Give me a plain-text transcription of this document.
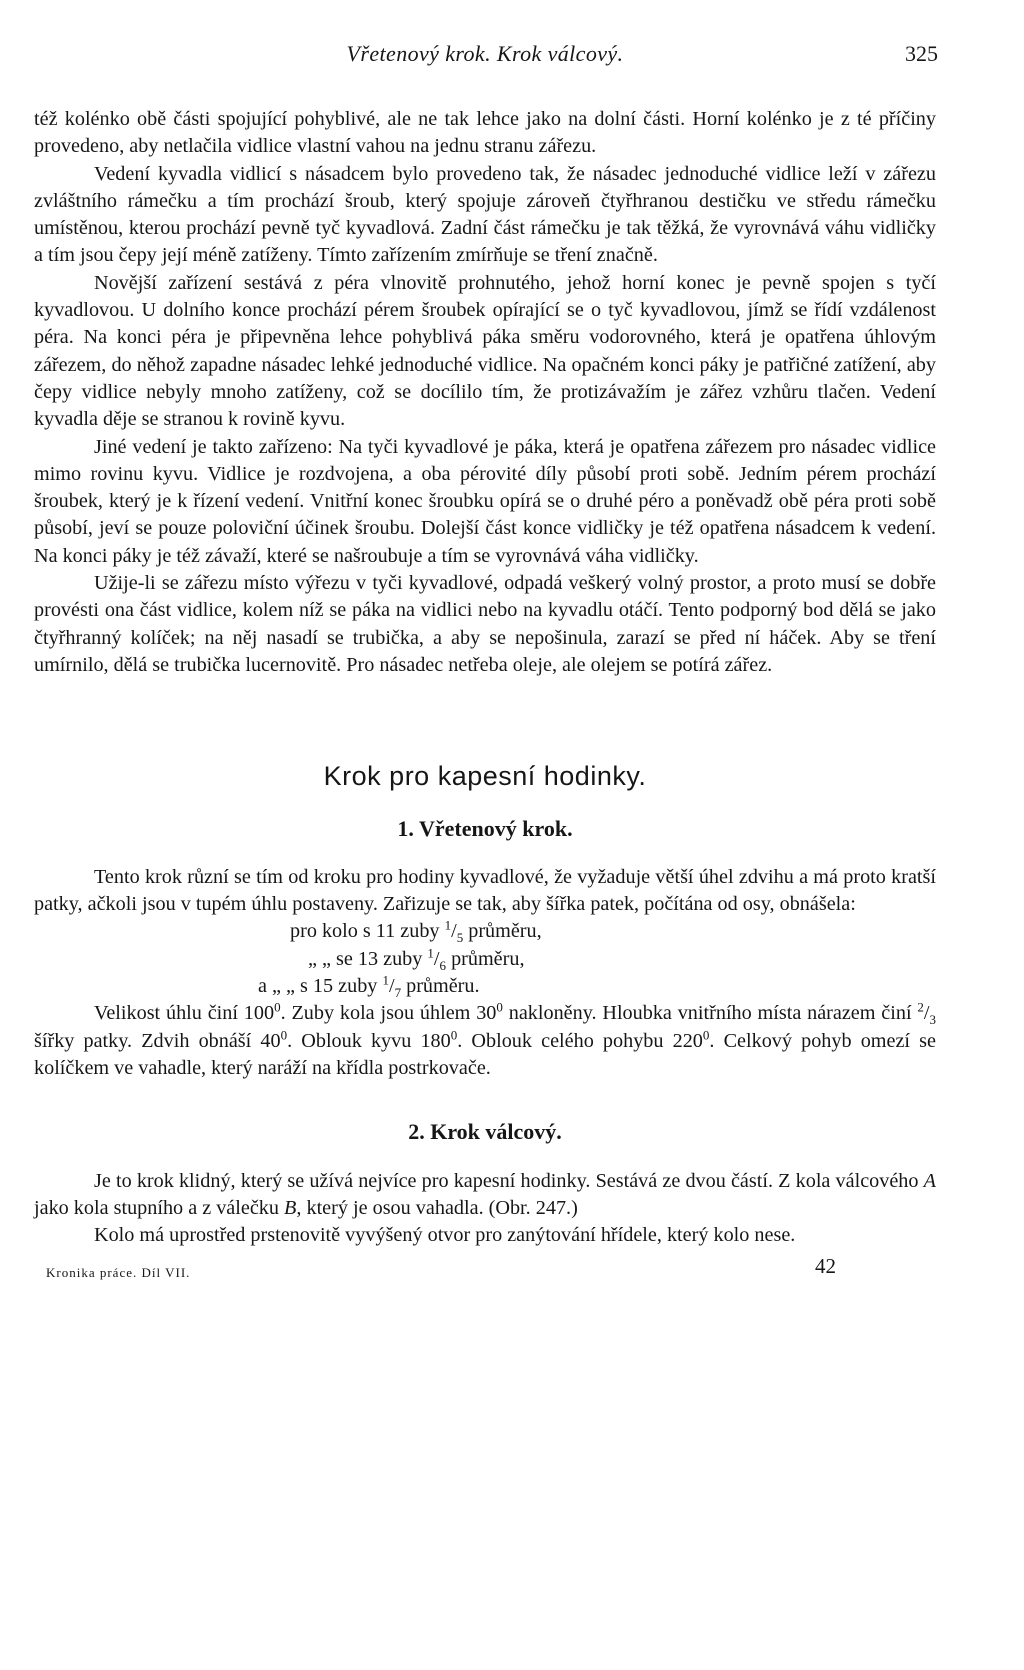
Vřetenový krok. Krok válcový.	325

též kolénko obě části spojující pohyblivé, ale ne tak lehce jako na dolní části. Horní kolénko je z té příčiny provedeno, aby netlačila vidlice vlastní vahou na jednu stranu zářezu.

Vedení kyvadla vidlicí s násadcem bylo provedeno tak, že násadec jednoduché vidlice leží v zářezu zvláštního rámečku a tím prochází šroub, který spojuje zároveň čtyřhranou destičku ve středu rámečku umístěnou, kterou prochází pevně tyč kyvadlová. Zadní část rámečku je tak těžká, že vyrovnává váhu vidličky a tím jsou čepy její méně zatíženy. Tímto zařízením zmírňuje se tření značně.

Novější zařízení sestává z péra vlnovitě prohnutého, jehož horní konec je pevně spojen s tyčí kyvadlovou. U dolního konce prochází pérem šroubek opírající se o tyč kyvadlovou, jímž se řídí vzdálenost péra. Na konci péra je připevněna lehce pohyblivá páka směru vodorovného, která je opatřena úhlovým zářezem, do něhož zapadne násadec lehké jednoduché vidlice. Na opačném konci páky je patřičné zatížení, aby čepy vidlice nebyly mnoho zatíženy, což se docílilo tím, že protizávažím je zářez vzhůru tlačen. Vedení kyvadla děje se stranou k rovině kyvu.

Jiné vedení je takto zařízeno: Na tyči kyvadlové je páka, která je opatřena zářezem pro násadec vidlice mimo rovinu kyvu. Vidlice je rozdvojena, a oba pérovité díly působí proti sobě. Jedním pérem prochází šroubek, který je k řízení vedení. Vnitřní konec šroubku opírá se o druhé péro a poněvadž obě péra proti sobě působí, jeví se pouze poloviční účinek šroubu. Dolejší část konce vidličky je též opatřena násadcem k vedení. Na konci páky je též závaží, které se našroubuje a tím se vyrovnává váha vidličky.

Užije-li se zářezu místo výřezu v tyči kyvadlové, odpadá veškerý volný prostor, a proto musí se dobře provésti ona část vidlice, kolem níž se páka na vidlici nebo na kyvadlu otáčí. Tento podporný bod dělá se jako čtyřhranný kolíček; na něj nasadí se trubička, a aby se nepošinula, zarazí se před ní háček. Aby se tření umírnilo, dělá se trubička lucernovitě. Pro násadec netřeba oleje, ale olejem se potírá zářez.

Krok pro kapesní hodinky.
1. Vřetenový krok.

Tento krok různí se tím od kroku pro hodiny kyvadlové, že vyžaduje větší úhel zdvihu a má proto kratší patky, ačkoli jsou v tupém úhlu postaveny. Zařizuje se tak, aby šířka patek, počítána od osy, obnášela:

pro kolo s 11 zuby $^1/_5$ průměru,

„ „ se 13 zuby $^1/_6$ průměru,

a „ „ s 15 zuby $^1/_7$ průměru.

Velikost úhlu činí $100^0$. Zuby kola jsou úhlem $30^0$ nakloněny. Hloubka vnitřního místa nárazem činí $^2/_3$ šířky patky. Zdvih obnáší $40^0$. Oblouk kyvu $180^0$. Oblouk celého pohybu $220^0$. Celkový pohyb omezí se kolíčkem ve vahadle, který naráží na křídla postrkovače.

2. Krok válcový.

Je to krok klidný, který se užívá nejvíce pro kapesní hodinky. Sestává ze dvou částí. Z kola válcového A jako kola stupního a z válečku B, který je osou vahadla. (Obr. 247.)

Kolo má uprostřed prstenovitě vyvýšený otvor pro zanýtování hřídele, který kolo nese.

Kronika práce. Díl VII.	42
